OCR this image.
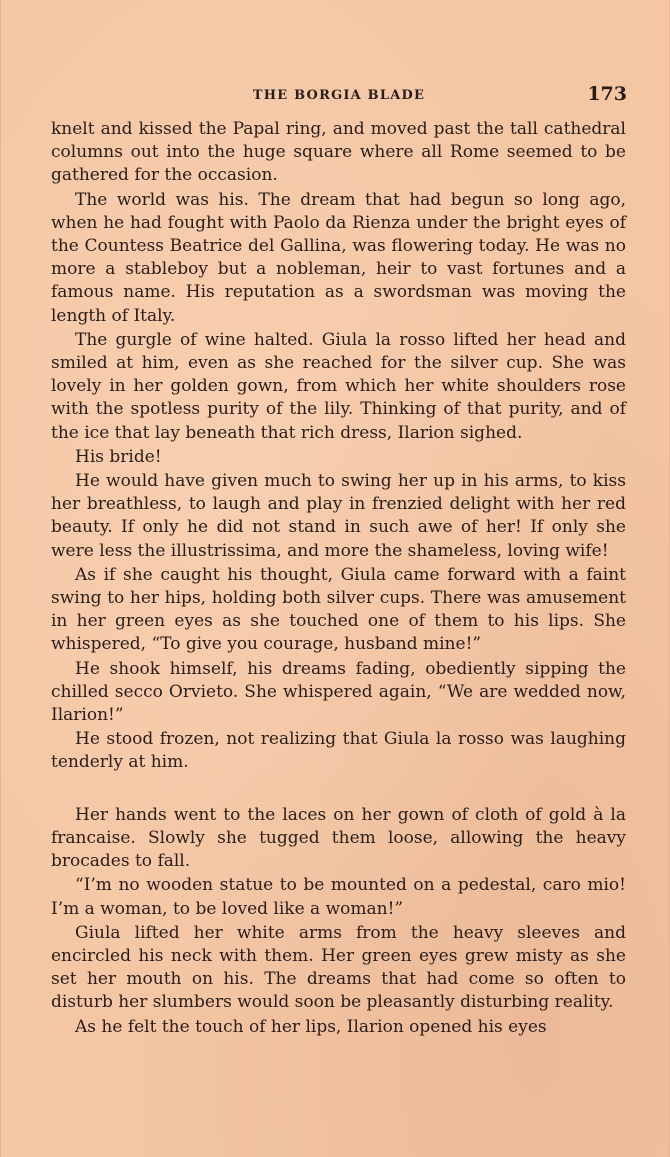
THE BORGIA BLADE	173

knelt and kissed the Papal ring, and moved past the tall cathedral columns out into the huge square where all Rome seemed to be gathered for the occasion.

The world was his. The dream that had begun so long ago, when he had fought with Paolo da Rienza under the bright eyes of the Countess Beatrice del Gallina, was flowering today. He was no more a stableboy but a nobleman, heir to vast fortunes and a famous name. His reputation as a swordsman was moving the length of Italy.

The gurgle of wine halted. Giula la rosso lifted her head and smiled at him, even as she reached for the silver cup. She was lovely in her golden gown, from which her white shoulders rose with the spotless purity of the lily. Thinking of that purity, and of the ice that lay beneath that rich dress, Ilarion sighed.

His bride!

He would have given much to swing her up in his arms, to kiss her breathless, to laugh and play in frenzied delight with her red beauty. If only he did not stand in such awe of her! If only she were less the illustrissima, and more the shameless, loving wife!

As if she caught his thought, Giula came forward with a faint swing to her hips, holding both silver cups. There was amusement in her green eyes as she touched one of them to his lips. She whispered, “To give you courage, husband mine!”

He shook himself, his dreams fading, obediently sipping the chilled secco Orvieto. She whispered again, “We are wedded now, Ilarion!”

He stood frozen, not realizing that Giula la rosso was laughing tenderly at him.

Her hands went to the laces on her gown of cloth of gold à la francaise. Slowly she tugged them loose, allowing the heavy brocades to fall.

“I’m no wooden statue to be mounted on a pedestal, caro mio! I’m a woman, to be loved like a woman!”

Giula lifted her white arms from the heavy sleeves and encircled his neck with them. Her green eyes grew misty as she set her mouth on his. The dreams that had come so often to disturb her slumbers would soon be pleasantly disturbing reality.

As he felt the touch of her lips, Ilarion opened his eyes
